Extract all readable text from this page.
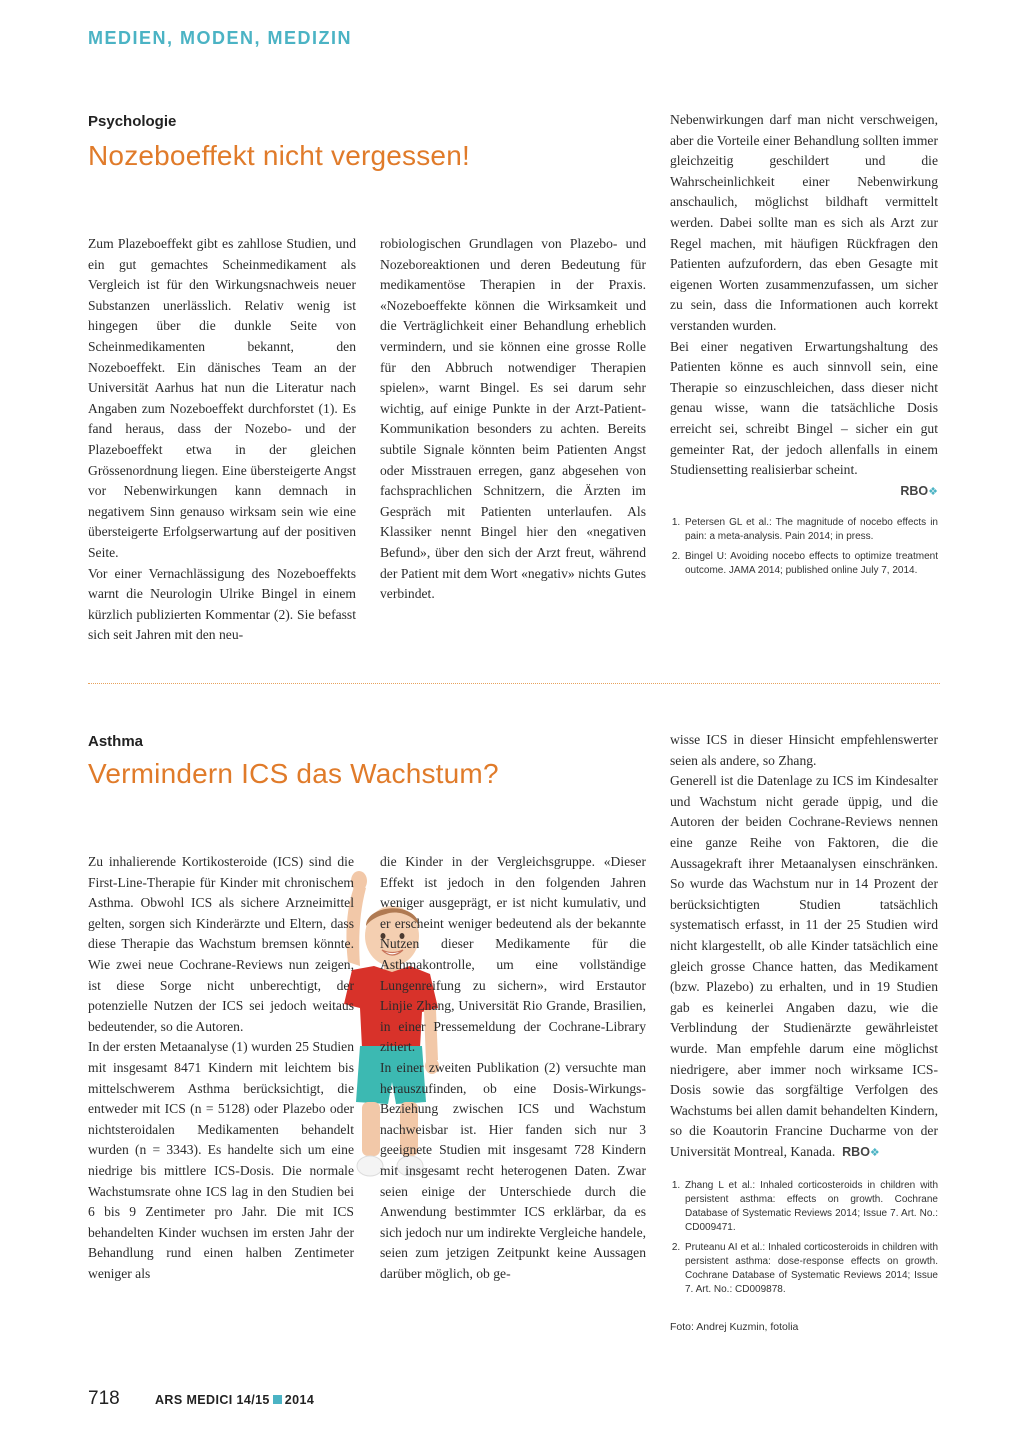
MEDIEN, MODEN, MEDIZIN
Psychologie
Nozeboeffekt nicht vergessen!

Zum Plazeboeffekt gibt es zahllose Studien, und ein gut gemachtes Scheinmedikament als Vergleich ist für den Wirkungsnachweis neuer Substanzen unerlässlich. Relativ wenig ist hingegen über die dunkle Seite von Scheinmedikamenten bekannt, den Nozeboeffekt. Ein dänisches Team an der Universität Aarhus hat nun die Literatur nach Angaben zum Nozeboeffekt durchforstet (1). Es fand heraus, dass der Nozebo- und der Plazeboeffekt etwa in der gleichen Grössenordnung liegen. Eine übersteigerte Angst vor Nebenwirkungen kann demnach in negativem Sinn genauso wirksam sein wie eine übersteigerte Erfolgserwartung auf der positiven Seite.

Vor einer Vernachlässigung des Nozeboeffekts warnt die Neurologin Ulrike Bingel in einem kürzlich publizierten Kommentar (2). Sie befasst sich seit Jahren mit den neu-

robiologischen Grundlagen von Plazebo- und Nozeboreaktionen und deren Bedeutung für medikamentöse Therapien in der Praxis. «Nozeboeffekte können die Wirksamkeit und die Verträglichkeit einer Behandlung erheblich vermindern, und sie können eine grosse Rolle für den Abbruch notwendiger Therapien spielen», warnt Bingel. Es sei darum sehr wichtig, auf einige Punkte in der Arzt-Patient-Kommunikation besonders zu achten. Bereits subtile Signale könnten beim Patienten Angst oder Misstrauen erregen, ganz abgesehen von fachsprachlichen Schnitzern, die Ärzten im Gespräch mit Patienten unterlaufen. Als Klassiker nennt Bingel hier den «negativen Befund», über den sich der Arzt freut, während der Patient mit dem Wort «negativ» nichts Gutes verbindet.

Nebenwirkungen darf man nicht verschweigen, aber die Vorteile einer Behandlung sollten immer gleichzeitig geschildert und die Wahrscheinlichkeit einer Nebenwirkung anschaulich, möglichst bildhaft vermittelt werden. Dabei sollte man es sich als Arzt zur Regel machen, mit häufigen Rückfragen den Patienten aufzufordern, das eben Gesagte mit eigenen Worten zusammenzufassen, um sicher zu sein, dass die Informationen auch korrekt verstanden wurden.

Bei einer negativen Erwartungshaltung des Patienten könne es auch sinnvoll sein, eine Therapie so einzuschleichen, dass dieser nicht genau wisse, wann die tatsächliche Dosis erreicht sei, schreibt Bingel – sicher ein gut gemeinter Rat, der jedoch allenfalls in einem Studiensetting realisierbar scheint.

RBO❖
1. Petersen GL et al.: The magnitude of nocebo effects in pain: a meta-analysis. Pain 2014; in press.
2. Bingel U: Avoiding nocebo effects to optimize treatment outcome. JAMA 2014; published online July 7, 2014.
Asthma
Vermindern ICS das Wachstum?

Zu inhalierende Kortikosteroide (ICS) sind die First-Line-Therapie für Kinder mit chronischem Asthma. Obwohl ICS als sichere Arzneimittel gelten, sorgen sich Kinderärzte und Eltern, dass diese Therapie das Wachstum bremsen könnte. Wie zwei neue Cochrane-Reviews nun zeigen, ist diese Sorge nicht unberechtigt, der potenzielle Nutzen der ICS sei jedoch weitaus bedeutender, so die Autoren.

In der ersten Metaanalyse (1) wurden 25 Studien mit insgesamt 8471 Kindern mit leichtem bis mittelschwerem Asthma berücksichtigt, die entweder mit ICS (n = 5128) oder Plazebo oder nichtsteroidalen Medikamenten behandelt wurden (n = 3343). Es handelte sich um eine niedrige bis mittlere ICS-Dosis. Die normale Wachstumsrate ohne ICS lag in den Studien bei 6 bis 9 Zentimeter pro Jahr. Die mit ICS behandelten Kinder wuchsen im ersten Jahr der Behandlung rund einen halben Zentimeter weniger als

die Kinder in der Vergleichsgruppe. «Dieser Effekt ist jedoch in den folgenden Jahren weniger ausgeprägt, er ist nicht kumulativ, und er erscheint weniger bedeutend als der bekannte Nutzen dieser Medikamente für die Asthmakontrolle, um eine vollständige Lungenreifung zu sichern», wird Erstautor Linjie Zhang, Universität Rio Grande, Brasilien, in einer Pressemeldung der Cochrane-Library zitiert.

In einer zweiten Publikation (2) versuchte man herauszufinden, ob eine Dosis-Wirkungs-Beziehung zwischen ICS und Wachstum nachweisbar ist. Hier fanden sich nur 3 geeignete Studien mit insgesamt 728 Kindern mit insgesamt recht heterogenen Daten. Zwar seien einige der Unterschiede durch die Anwendung bestimmter ICS erklärbar, da es sich jedoch nur um indirekte Vergleiche handele, seien zum jetzigen Zeitpunkt keine Aussagen darüber möglich, ob ge-

wisse ICS in dieser Hinsicht empfehlenswerter seien als andere, so Zhang.

Generell ist die Datenlage zu ICS im Kindesalter und Wachstum nicht gerade üppig, und die Autoren der beiden Cochrane-Reviews nennen eine ganze Reihe von Faktoren, die die Aussagekraft ihrer Metaanalysen einschränken. So wurde das Wachstum nur in 14 Prozent der berücksichtigten Studien tatsächlich systematisch erfasst, in 11 der 25 Studien wird nicht klargestellt, ob alle Kinder tatsächlich eine gleich grosse Chance hatten, das Medikament (bzw. Plazebo) zu erhalten, und in 19 Studien gab es keinerlei Angaben dazu, wie die Verblindung der Studienärzte gewährleistet wurde. Man empfehle darum eine möglichst niedrigere, aber immer noch wirksame ICS-Dosis sowie das sorgfältige Verfolgen des Wachstums bei allen damit behandelten Kindern, so die Koautorin Francine Ducharme von der Universität Montreal, Kanada. RBO❖

1. Zhang L et al.: Inhaled corticosteroids in children with persistent asthma: effects on growth. Cochrane Database of Systematic Reviews 2014; Issue 7. Art. No.: CD009471.
2. Pruteanu AI et al.: Inhaled corticosteroids in children with persistent asthma: dose-response effects on growth. Cochrane Database of Systematic Reviews 2014; Issue 7. Art. No.: CD009878.
Foto: Andrej Kuzmin, fotolia
718	ARS MEDICI 14/15 2014
